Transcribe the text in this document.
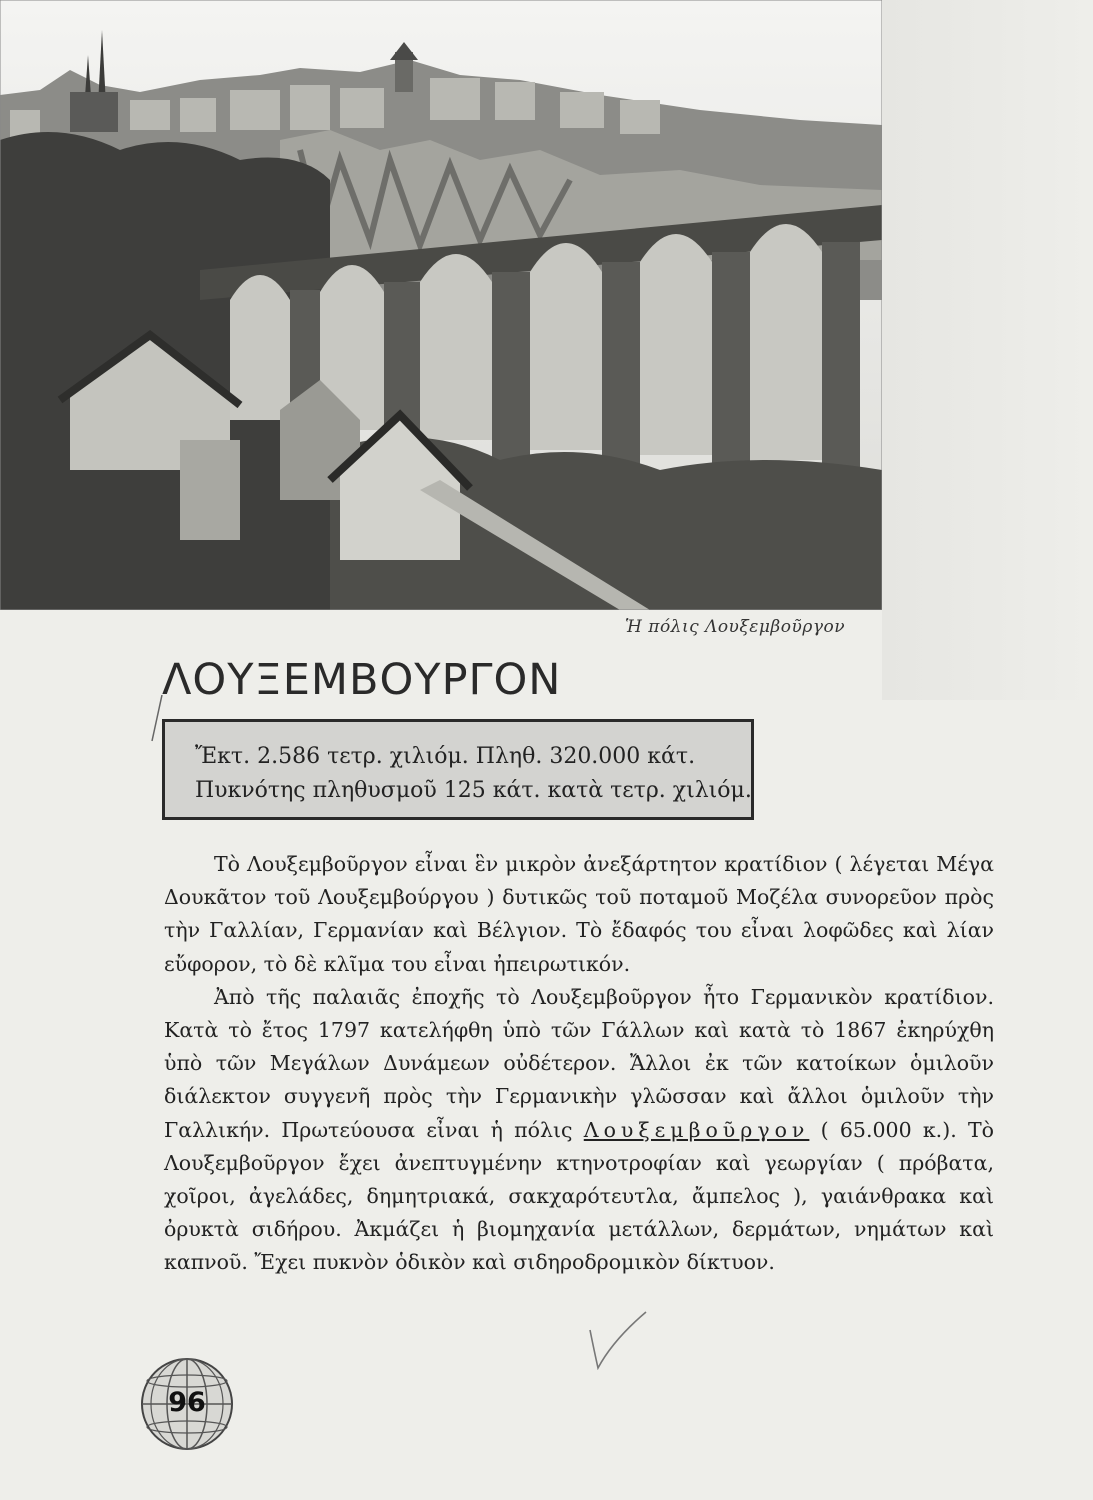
Ἡ πόλις Λουξεμβοῦργον
ΛΟΥΞΕΜΒΟΥΡΓΟΝ
Ἔκτ. 2.586 τετρ. χιλιόμ. Πληθ. 320.000 κάτ.
Πυκνότης πληθυσμοῦ 125 κάτ. κατὰ τετρ. χιλιόμ.

Τὸ Λουξεμβοῦργον εἶναι ἓν μικρὸν ἀνεξάρτητον κρατίδιον ( λέγεται Μέγα Δουκᾶτον τοῦ Λουξεμβούργου ) δυτικῶς τοῦ ποταμοῦ Μοζέλα συνορεῦον πρὸς τὴν Γαλλίαν, Γερμανίαν καὶ Βέλγιον. Τὸ ἔδαφός του εἶναι λοφῶδες καὶ λίαν εὔφορον, τὸ δὲ κλῖμα του εἶναι ἠπειρωτικόν.

Ἀπὸ τῆς παλαιᾶς ἐποχῆς τὸ Λουξεμβοῦργον ἦτο Γερμανικὸν κρατίδιον. Κατὰ τὸ ἔτος 1797 κατελήφθη ὑπὸ τῶν Γάλλων καὶ κατὰ τὸ 1867 ἐκηρύχθη ὑπὸ τῶν Μεγάλων Δυνάμεων οὐδέτερον. Ἄλλοι ἐκ τῶν κατοίκων ὁμιλοῦν διάλεκτον συγγενῆ πρὸς τὴν Γερμανικὴν γλῶσσαν καὶ ἄλλοι ὁμιλοῦν τὴν Γαλλικήν. Πρωτεύουσα εἶναι ἡ πόλις Λουξεμβοῦργον ( 65.000 κ.). Τὸ Λουξεμβοῦργον ἔχει ἀνεπτυγμένην κτηνοτροφίαν καὶ γεωργίαν ( πρόβατα, χοῖροι, ἀγελάδες, δημητριακά, σακχαρότευτλα, ἄμπελος ), γαιάνθρακα καὶ ὀρυκτὰ σιδήρου. Ἀκμάζει ἡ βιομηχανία μετάλλων, δερμάτων, νημάτων καὶ καπνοῦ. Ἔχει πυκνὸν ὁδικὸν καὶ σιδηροδρομικὸν δίκτυον.

96
